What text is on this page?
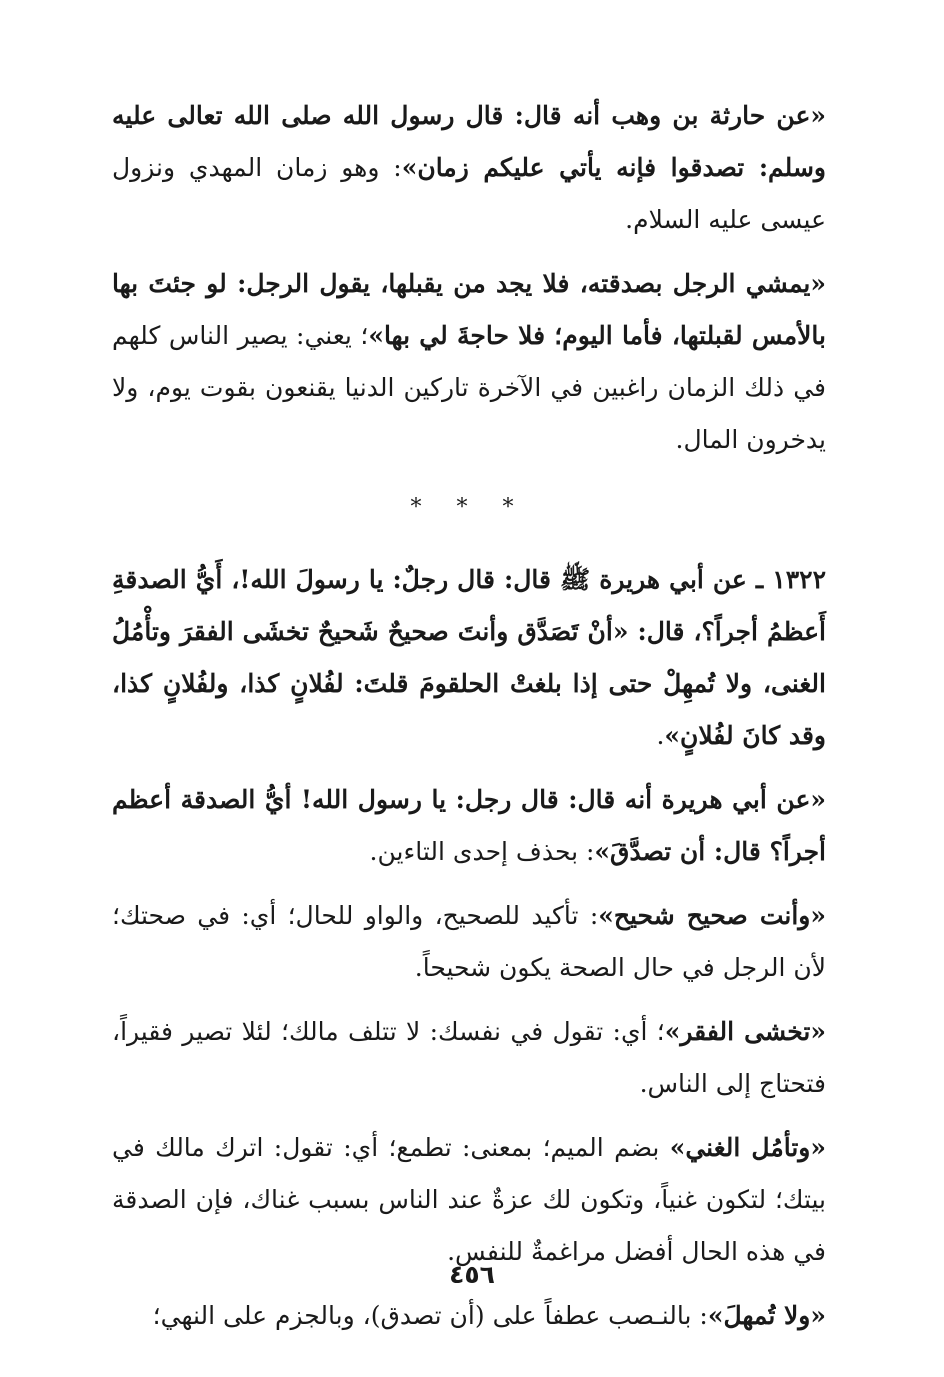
«عن حارثة بن وهب أنه قال: قال رسول الله صلى الله تعالى عليه وسلم: تصدقوا فإنه يأتي عليكم زمان»: وهو زمان المهدي ونزول عيسى عليه السلام.

«يمشي الرجل بصدقته، فلا يجد من يقبلها، يقول الرجل: لو جئتَ بها بالأمس لقبلتها، فأما اليوم؛ فلا حاجةَ لي بها»؛ يعني: يصير الناس كلهم في ذلك الزمان راغبين في الآخرة تاركين الدنيا يقنعون بقوت يوم، ولا يدخرون المال.

* * *

١٣٢٢ ـ عن أبي هريرة ﷺ قال: قال رجلٌ: يا رسولَ الله!، أَيُّ الصدقةِ أَعظمُ أجراً؟، قال: «أنْ تَصَدَّق وأنتَ صحيحٌ شَحيحٌ تخشَى الفقرَ وتأْمُلُ الغنى، ولا تُمهِلْ حتى إذا بلغتْ الحلقومَ قلتَ: لفُلانٍ كذا، ولفُلانٍ كذا، وقد كانَ لفُلانٍ».

«عن أبي هريرة أنه قال: قال رجل: يا رسول الله! أيُّ الصدقة أعظم أجراً؟ قال: أن تصدَّقَ»: بحذف إحدى التاءين.

«وأنت صحيح شحيح»: تأكيد للصحيح، والواو للحال؛ أي: في صحتك؛ لأن الرجل في حال الصحة يكون شحيحاً.

«تخشى الفقر»؛ أي: تقول في نفسك: لا تتلف مالك؛ لئلا تصير فقيراً، فتحتاج إلى الناس.

«وتأمُل الغني» بضم الميم؛ بمعنى: تطمع؛ أي: تقول: اترك مالك في بيتك؛ لتكون غنياً، وتكون لك عزةٌ عند الناس بسبب غناك، فإن الصدقة في هذه الحال أفضل مراغمةٌ للنفس.

«ولا تُمهلَ»: بالنـصب عطفاً على (أن تصدق)، وبالجزم على النهي؛

٤٥٦
